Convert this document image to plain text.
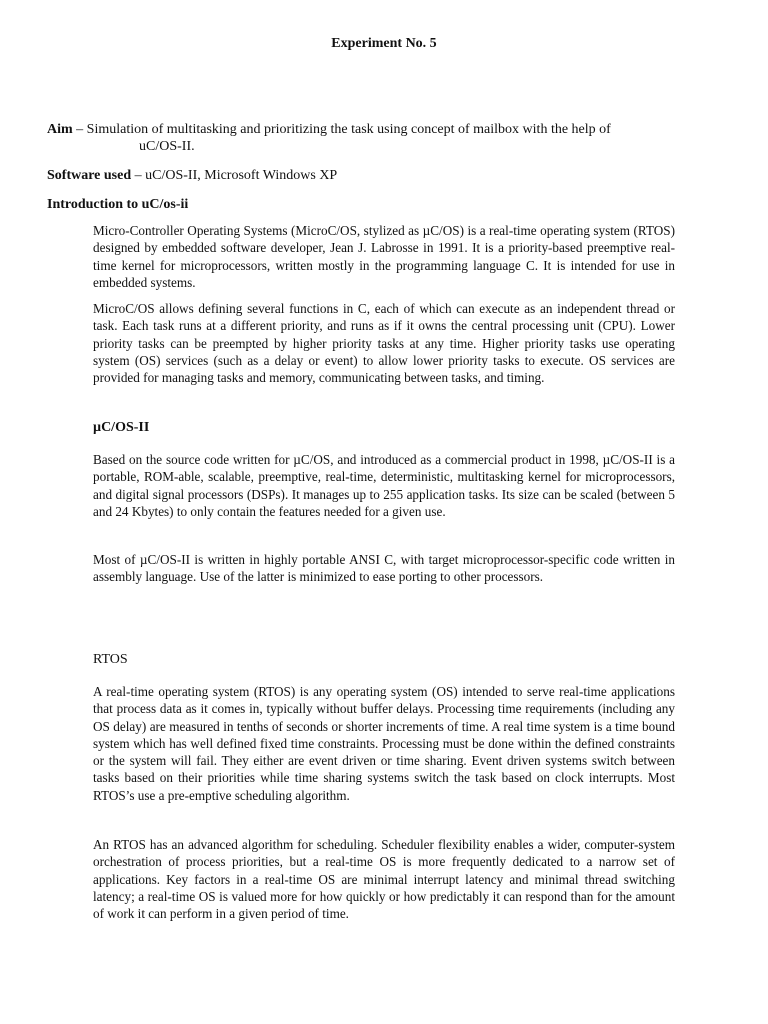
Experiment No. 5
Aim – Simulation of multitasking and prioritizing the task using concept of mailbox with the help of
uC/OS-II.
Software used – uC/OS-II, Microsoft Windows XP
Introduction to uC/os-ii

Micro-Controller Operating Systems (MicroC/OS, stylized as µC/OS) is a real-time operating system (RTOS) designed by embedded software developer, Jean J. Labrosse in 1991. It is a priority-based preemptive real-time kernel for microprocessors, written mostly in the programming language C. It is intended for use in embedded systems.

MicroC/OS allows defining several functions in C, each of which can execute as an independent thread or task. Each task runs at a different priority, and runs as if it owns the central processing unit (CPU). Lower priority tasks can be preempted by higher priority tasks at any time. Higher priority tasks use operating system (OS) services (such as a delay or event) to allow lower priority tasks to execute. OS services are provided for managing tasks and memory, communicating between tasks, and timing.

µC/OS-II

Based on the source code written for µC/OS, and introduced as a commercial product in 1998, µC/OS-II is a portable, ROM-able, scalable, preemptive, real-time, deterministic, multitasking kernel for microprocessors, and digital signal processors (DSPs). It manages up to 255 application tasks. Its size can be scaled (between 5 and 24 Kbytes) to only contain the features needed for a given use.

Most of µC/OS-II is written in highly portable ANSI C, with target microprocessor-specific code written in assembly language. Use of the latter is minimized to ease porting to other processors.

RTOS

A real-time operating system (RTOS) is any operating system (OS) intended to serve real-time applications that process data as it comes in, typically without buffer delays. Processing time requirements (including any OS delay) are measured in tenths of seconds or shorter increments of time. A real time system is a time bound system which has well defined fixed time constraints. Processing must be done within the defined constraints or the system will fail. They either are event driven or time sharing. Event driven systems switch between tasks based on their priorities while time sharing systems switch the task based on clock interrupts. Most RTOS’s use a pre-emptive scheduling algorithm.

An RTOS has an advanced algorithm for scheduling. Scheduler flexibility enables a wider, computer-system orchestration of process priorities, but a real-time OS is more frequently dedicated to a narrow set of applications. Key factors in a real-time OS are minimal interrupt latency and minimal thread switching latency; a real-time OS is valued more for how quickly or how predictably it can respond than for the amount of work it can perform in a given period of time.
